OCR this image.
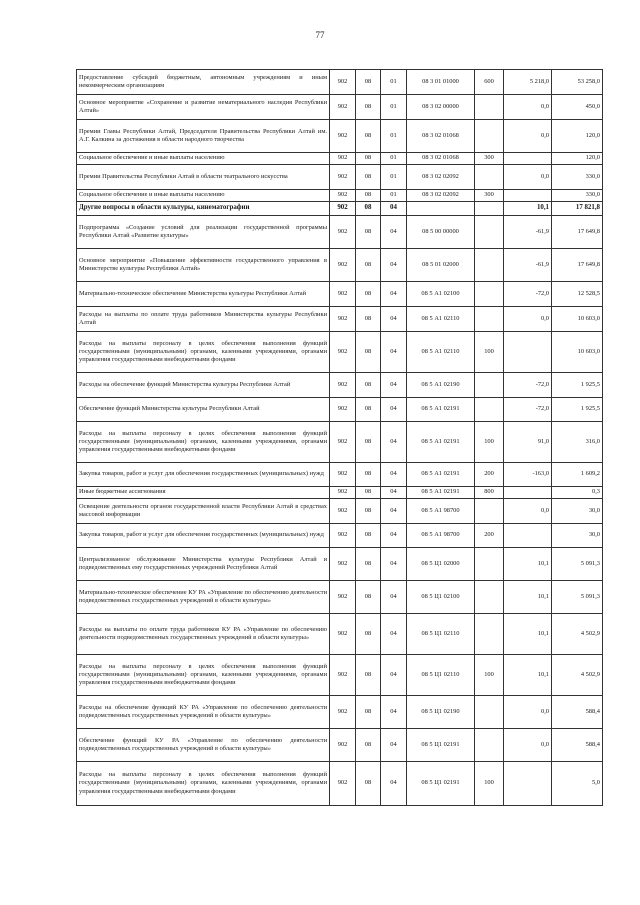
77
Предоставление субсидий бюджетным, автономным учреждениям и иным некоммерческим организациям	902	08	01	08 3 01 01000	600	5 218,0	53 258,0
Основное мероприятие «Сохранение и развитие нематериального наследия Республики Алтай»	902	08	01	08 3 02 00000		0,0	450,0
Премии Главы Республики Алтай, Председателя Правительства Республики Алтай им. А.Г. Калкина за достижения в области народного творчества	902	08	01	08 3 02 01068		0,0	120,0
Социальное обеспечение и иные выплаты населению	902	08	01	08 3 02 01068	300		120,0
Премии Правительства Республики Алтай в области театрального искусства	902	08	01	08 3 02 02092		0,0	330,0
Социальное обеспечение и иные выплаты населению	902	08	01	08 3 02 02092	300		330,0
Другие вопросы в области культуры, кинематографии	902	08	04			10,1	17 821,8
Подпрограмма «Создание условий для реализации государственной программы Республики Алтай «Развитие культуры»	902	08	04	08 5 00 00000		-61,9	17 649,8
Основное мероприятие «Повышение эффективности государственного управления в Министерстве культуры Республики Алтай»	902	08	04	08 5 01 02000		-61,9	17 649,8
Материально-техническое обеспечение Министерства культуры Республики Алтай	902	08	04	08 5 А1 02100		-72,0	12 528,5
Расходы на выплаты по оплате труда работников Министерства культуры Республики Алтай	902	08	04	08 5 А1 02110		0,0	10 603,0
Расходы на выплаты персоналу в целях обеспечения выполнения функций государственными (муниципальными) органами, казенными учреждениями, органами управления государственными внебюджетными фондами	902	08	04	08 5 А1 02110	100		10 603,0
Расходы на обеспечение функций Министерства культуры Республики Алтай	902	08	04	08 5 А1 02190		-72,0	1 925,5
Обеспечение функций Министерства культуры Республики Алтай	902	08	04	08 5 А1 02191		-72,0	1 925,5
Расходы на выплаты персоналу в целях обеспечения выполнения функций государственными (муниципальными) органами, казенными учреждениями, органами управления государственными внебюджетными фондами	902	08	04	08 5 А1 02191	100	91,0	316,0
Закупка товаров, работ и услуг для обеспечения государственных (муниципальных) нужд	902	08	04	08 5 А1 02191	200	-163,0	1 609,2
Иные бюджетные ассигнования	902	08	04	08 5 А1 02191	800		0,3
Освещение деятельности органов государственной власти Республики Алтай в средствах массовой информации	902	08	04	08 5 А1 98700		0,0	30,0
Закупка товаров, работ и услуг для обеспечения государственных (муниципальных) нужд	902	08	04	08 5 А1 98700	200		30,0
Централизованное обслуживание Министерства культуры Республики Алтай и подведомственных ему государственных учреждений Республики Алтай	902	08	04	08 5 Ц1 02000		10,1	5 091,3
Материально-техническое обеспечение КУ РА «Управление по обеспечению деятельности подведомственных государственных учреждений в области культуры»	902	08	04	08 5 Ц1 02100		10,1	5 091,3
Расходы на выплаты по оплате труда работников КУ РА «Управление по обеспечению деятельности подведомственных государственных учреждений в области культуры»	902	08	04	08 5 Ц1 02110		10,1	4 502,9
Расходы на выплаты персоналу в целях обеспечения выполнения функций государственными (муниципальными) органами, казенными учреждениями, органами управления государственными внебюджетными фондами	902	08	04	08 5 Ц1 02110	100	10,1	4 502,9
Расходы на обеспечение функций КУ РА «Управление по обеспечению деятельности подведомственных государственных учреждений в области культуры»	902	08	04	08 5 Ц1 02190		0,0	588,4
Обеспечение функций КУ РА «Управление по обеспечению деятельности подведомственных государственных учреждений в области культуры»	902	08	04	08 5 Ц1 02191		0,0	588,4
Расходы на выплаты персоналу в целях обеспечения выполнения функций государственными (муниципальными) органами, казенными учреждениями, органами управления государственными внебюджетными фондами	902	08	04	08 5 Ц1 02191	100		5,0
